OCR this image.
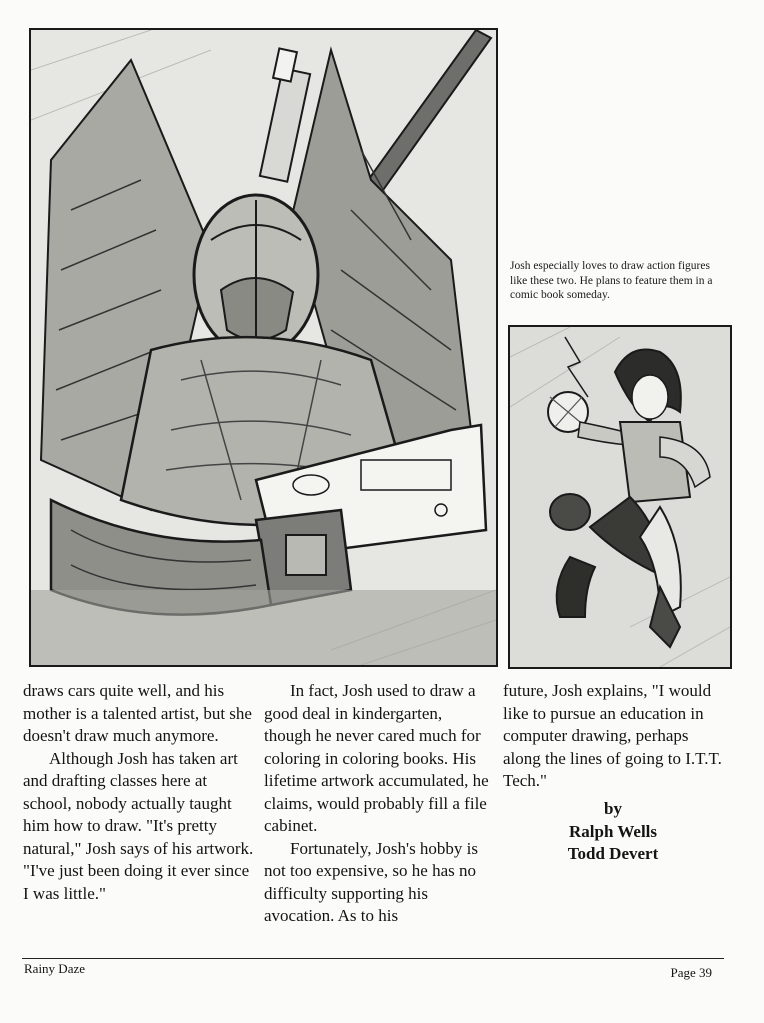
Josh especially loves to draw action figures like these two. He plans to feature them in a comic book someday.

draws cars quite well, and his mother is a talented artist, but she doesn't draw much anymore.

Although Josh has taken art and drafting classes here at school, nobody actually taught him how to draw. "It's pretty natural," Josh says of his artwork. "I've just been doing it ever since I was little."

In fact, Josh used to draw a good deal in kindergarten, though he never cared much for coloring in coloring books. His lifetime artwork accumulated, he claims, would probably fill a file cabinet.

Fortunately, Josh's hobby is not too expensive, so he has no difficulty supporting his avocation. As to his

future, Josh explains, "I would like to pursue an education in computer drawing, perhaps along the lines of going to I.T.T. Tech."

by
Ralph Wells
Todd Devert
Rainy Daze	Page 39
